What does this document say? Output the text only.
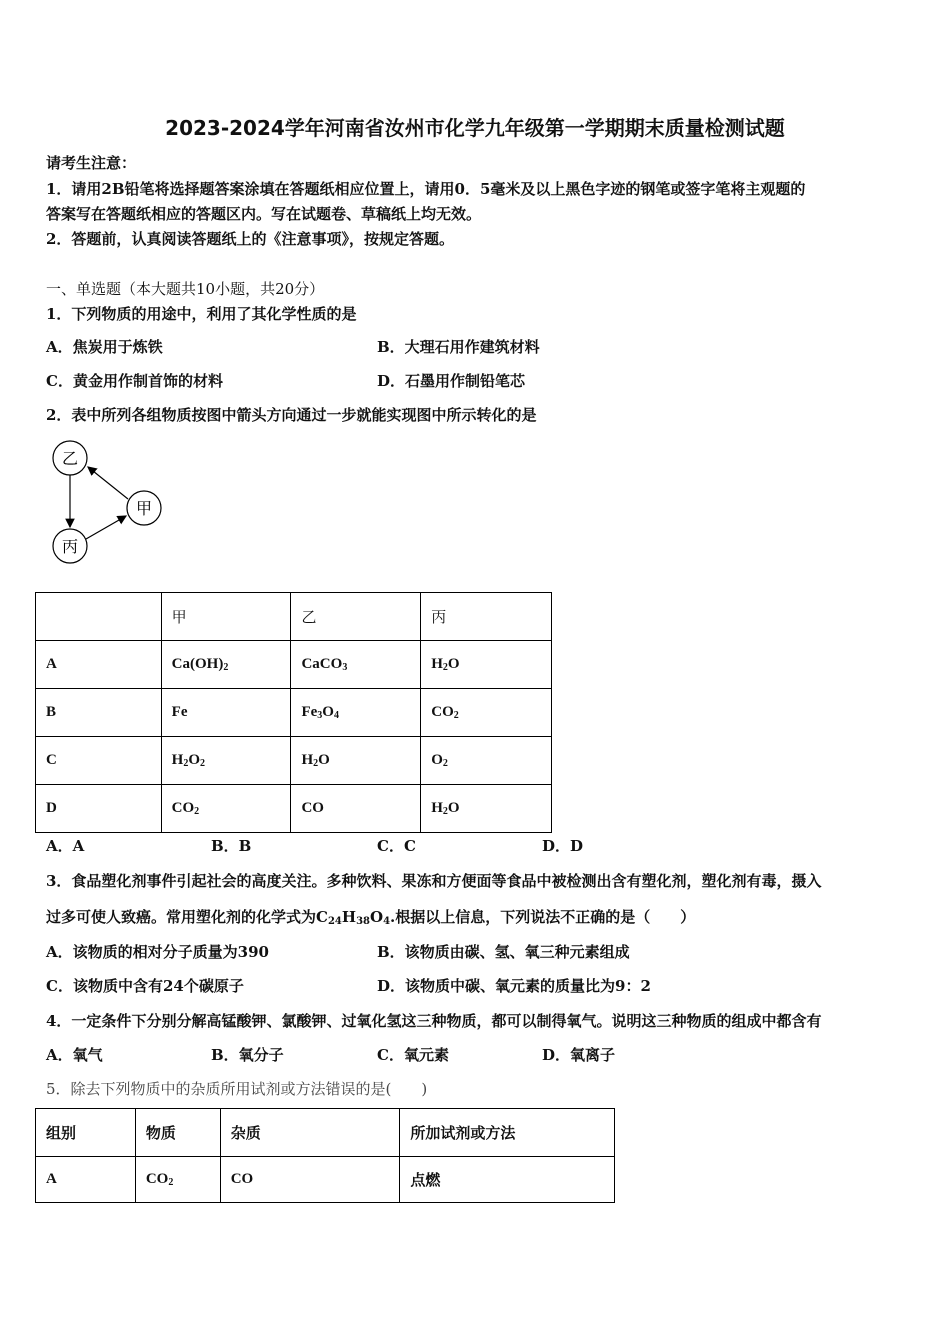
2023-2024学年河南省汝州市化学九年级第一学期期末质量检测试题
请考生注意：
1．请用2B铅笔将选择题答案涂填在答题纸相应位置上，请用0．5毫米及以上黑色字迹的钢笔或签字笔将主观题的
答案写在答题纸相应的答题区内。写在试题卷、草稿纸上均无效。
2．答题前，认真阅读答题纸上的《注意事项》，按规定答题。
一、单选题（本大题共10小题，共20分）
1．下列物质的用途中，利用了其化学性质的是
A．焦炭用于炼铁	B．大理石用作建筑材料
C．黄金用作制首饰的材料	D．石墨用作制铅笔芯
2．表中所列各组物质按图中箭头方向通过一步就能实现图中所示转化的是
乙
甲
丙
	甲	乙	丙
A	$Ca(OH)_2$	CaCO$_3$	$H_2O$
B	Fe	$Fe_3O_4$	$CO_2$
C	$H_2O_2$	$H_2O$	$O_2$
D	$CO_2$	CO	$H_2O$
A．A	B．B	C．C	D．D
3．食品塑化剂事件引起社会的高度关注。多种饮料、果冻和方便面等食品中被检测出含有塑化剂，塑化剂有毒，摄入
过多可使人致癌。常用塑化剂的化学式为$C_{24}H_{38}O_4$.根据以上信息，下列说法不正确的是（　　）
A．该物质的相对分子质量为390	B．该物质由碳、氢、氧三种元素组成
C．该物质中含有24个碳原子	D．该物质中碳、氧元素的质量比为9：2
4．一定条件下分别分解高锰酸钾、氯酸钾、过氧化氢这三种物质，都可以制得氧气。说明这三种物质的组成中都含有
A．氧气	B．氧分子	C．氧元素	D．氧离子
5．除去下列物质中的杂质所用试剂或方法错误的是(　　)
组别	物质	杂质	所加试剂或方法
A	$CO_2$	CO	点燃
